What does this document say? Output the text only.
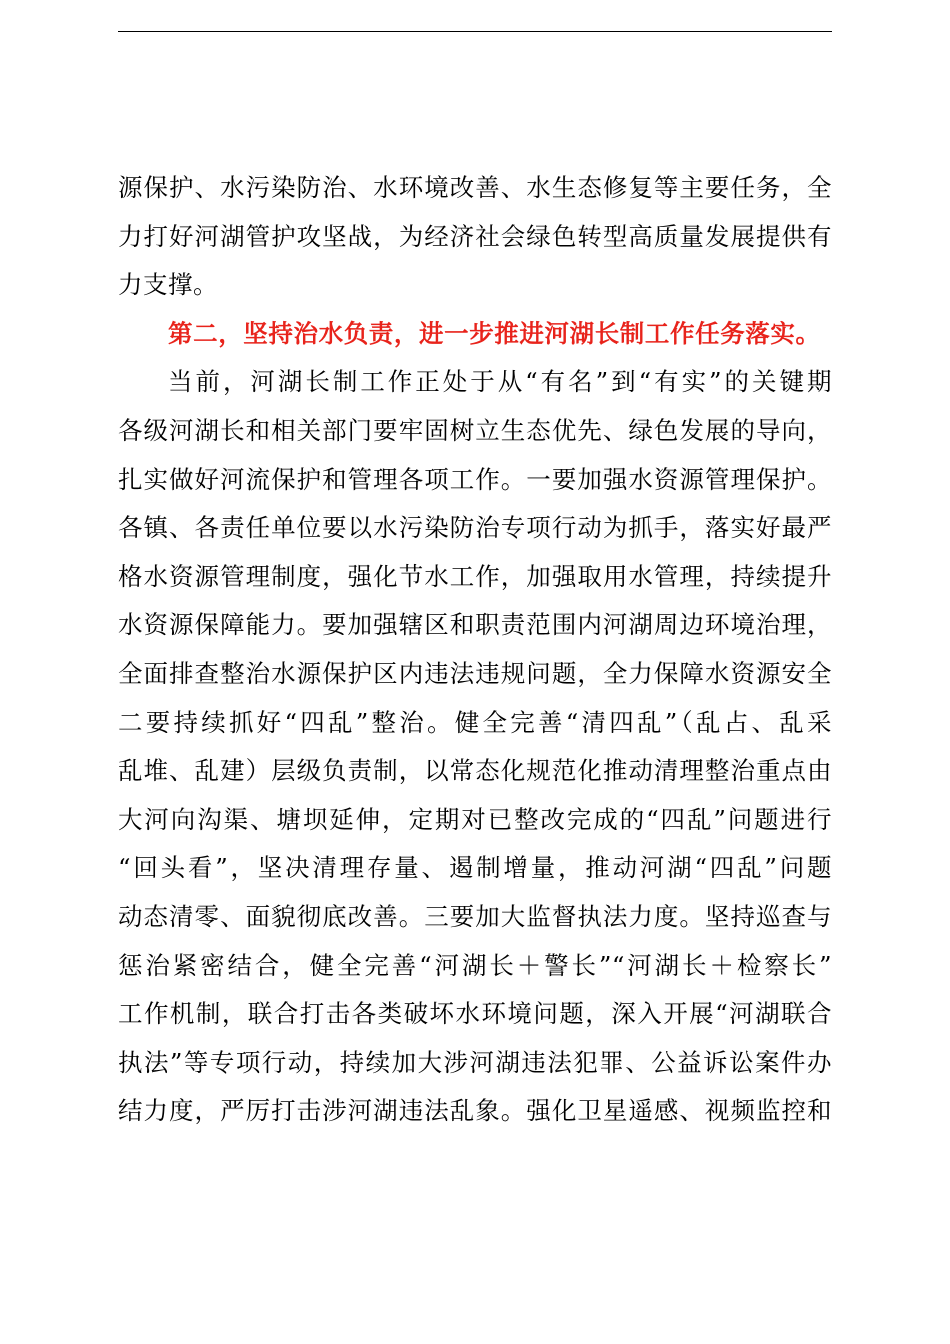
源保护、水污染防治、水环境改善、水生态修复等主要任务，全
力打好河湖管护攻坚战，为经济社会绿色转型高质量发展提供有
力支撑。
第二，坚持治水负责，进一步推进河湖长制工作任务落实。
当前，河湖长制工作正处于从“有名”到“有实”的关键期
各级河湖长和相关部门要牢固树立生态优先、绿色发展的导向，
扎实做好河流保护和管理各项工作。一要加强水资源管理保护。
各镇、各责任单位要以水污染防治专项行动为抓手，落实好最严
格水资源管理制度，强化节水工作，加强取用水管理，持续提升
水资源保障能力。要加强辖区和职责范围内河湖周边环境治理，
全面排查整治水源保护区内违法违规问题，全力保障水资源安全
二要持续抓好“四乱”整治。健全完善“清四乱”（乱占、乱采
乱堆、乱建）层级负责制，以常态化规范化推动清理整治重点由
大河向沟渠、塘坝延伸，定期对已整改完成的“四乱”问题进行
“回头看”，坚决清理存量、遏制增量，推动河湖“四乱”问题
动态清零、面貌彻底改善。三要加大监督执法力度。坚持巡查与
惩治紧密结合，健全完善“河湖长＋警长”“河湖长＋检察长”
工作机制，联合打击各类破坏水环境问题，深入开展“河湖联合
执法”等专项行动，持续加大涉河湖违法犯罪、公益诉讼案件办
结力度，严厉打击涉河湖违法乱象。强化卫星遥感、视频监控和
